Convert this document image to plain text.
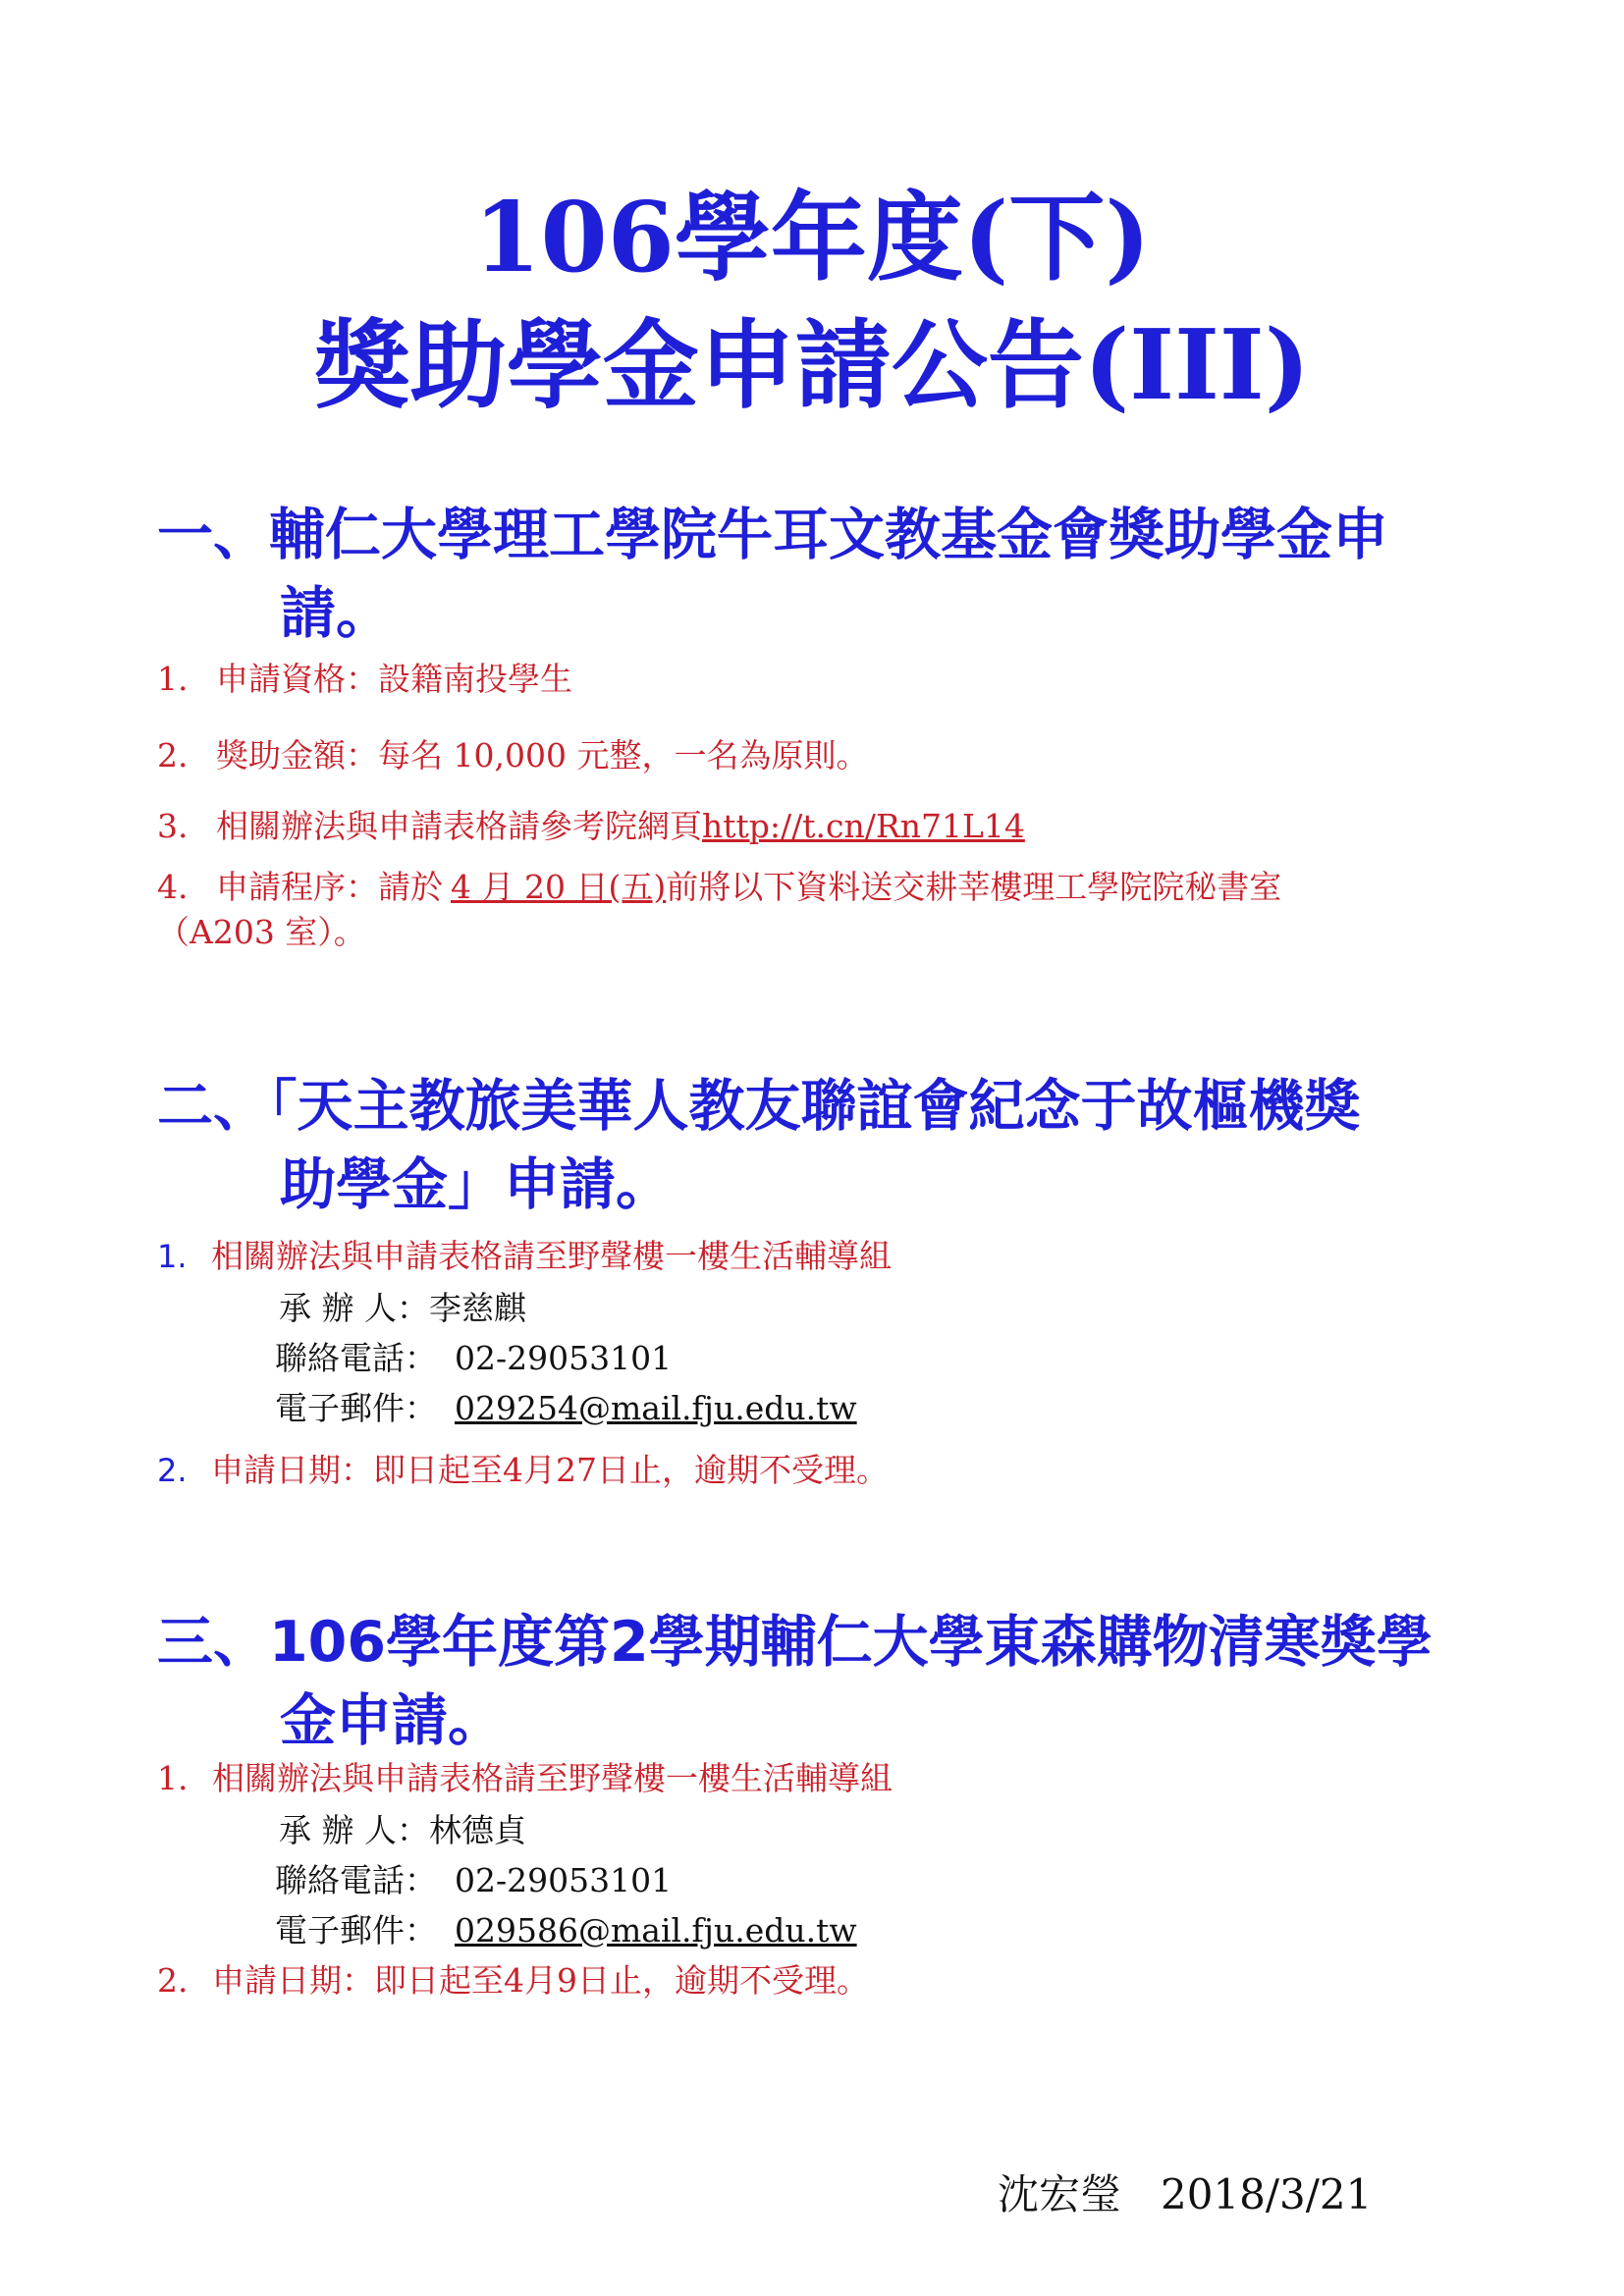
106學年度(下)
獎助學金申請公告(III)
一、輔仁大學理工學院牛耳文教基金會獎助學金申
請。
1. 申請資格：設籍南投學生
2. 獎助金額：每名 10,000 元整，一名為原則。
3. 相關辦法與申請表格請參考院網頁http://t.cn/Rn71L14
4. 申請程序：請於 4 月 20 日(五)前將以下資料送交耕莘樓理工學院院秘書室
（A203 室）。
二、「天主教旅美華人教友聯誼會紀念于故樞機獎
助學金」申請。
1. 相關辦法與申請表格請至野聲樓一樓生活輔導組
承 辦 人：李慈麒
聯絡電話： 02-29053101
電子郵件： 029254@mail.fju.edu.tw
2. 申請日期：即日起至4月27日止，逾期不受理。
三、106學年度第2學期輔仁大學東森購物清寒獎學
金申請。
1. 相關辦法與申請表格請至野聲樓一樓生活輔導組
承 辦 人：林德貞
聯絡電話： 02-29053101
電子郵件： 029586@mail.fju.edu.tw
2. 申請日期：即日起至4月9日止，逾期不受理。
沈宏瑩 2018/3/21
